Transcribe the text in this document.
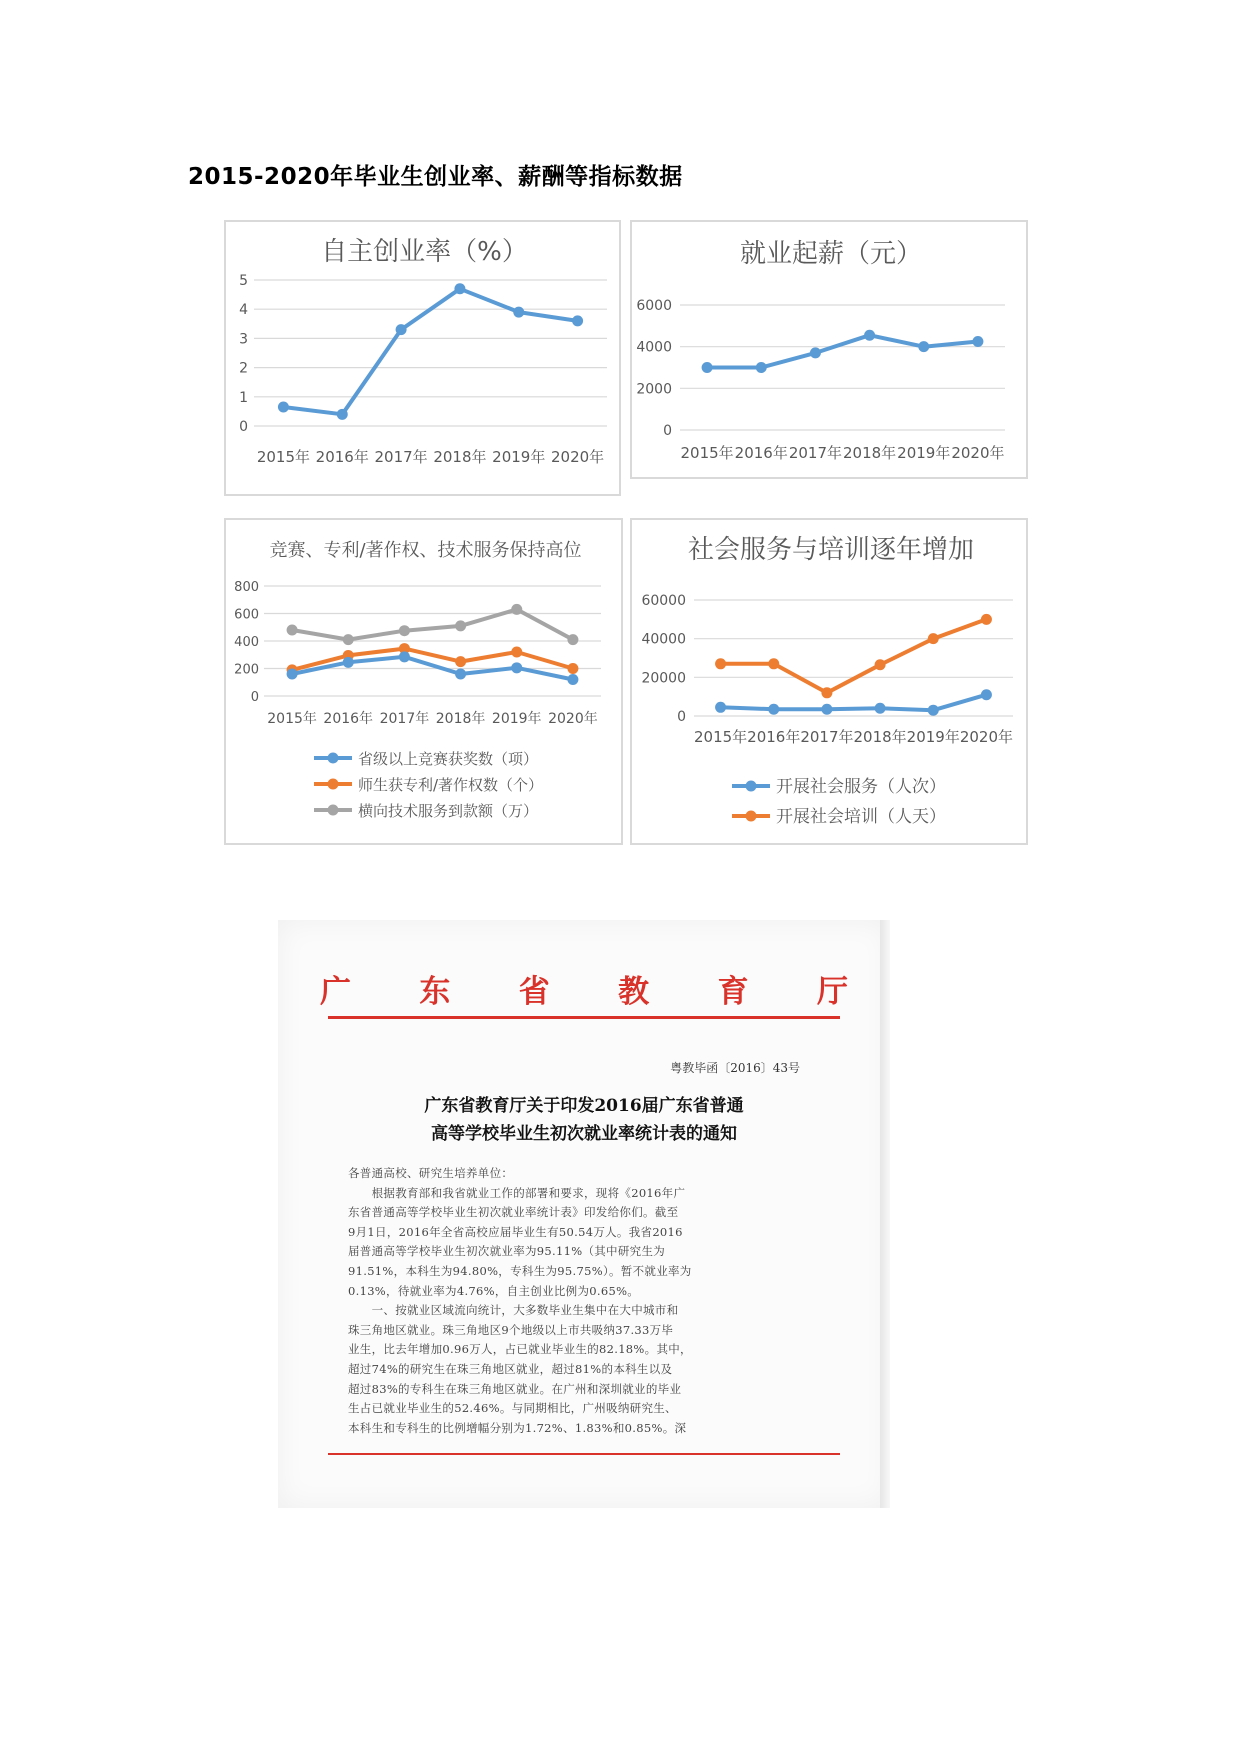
2015-2020年毕业生创业率、薪酬等指标数据
自主创业率（%）
0
1
2
3
4
5
2015年 2016年 2017年 2018年 2019年 2020年
就业起薪（元）
0
2000
4000
6000
2015年 2016年 2017年 2018年 2019年 2020年
竞赛、专利/著作权、技术服务保持高位
0
200
400
600
800
2015年 2016年 2017年 2018年 2019年 2020年
省级以上竞赛获奖数（项）
师生获专利/著作权数（个）
横向技术服务到款额（万）
社会服务与培训逐年增加
0
20000
40000
60000
2015年 2016年 2017年 2018年 2019年 2020年
开展社会服务（人次）
开展社会培训（人天）
广 东 省 教 育 厅
粤教毕函〔2016〕43号
广东省教育厅关于印发2016届广东省普通
高等学校毕业生初次就业率统计表的通知

各普通高校、研究生培养单位：

　　根据教育部和我省就业工作的部署和要求，现将《2016年广

东省普通高等学校毕业生初次就业率统计表》印发给你们。截至

9月1日，2016年全省高校应届毕业生有50.54万人。我省2016

届普通高等学校毕业生初次就业率为95.11%（其中研究生为

91.51%，本科生为94.80%，专科生为95.75%）。暂不就业率为

0.13%，待就业率为4.76%，自主创业比例为0.65%。

　　一、按就业区域流向统计，大多数毕业生集中在大中城市和

珠三角地区就业。珠三角地区9个地级以上市共吸纳37.33万毕

业生，比去年增加0.96万人，占已就业毕业生的82.18%。其中，

超过74%的研究生在珠三角地区就业，超过81%的本科生以及

超过83%的专科生在珠三角地区就业。在广州和深圳就业的毕业

生占已就业毕业生的52.46%。与同期相比，广州吸纳研究生、

本科生和专科生的比例增幅分别为1.72%、1.83%和0.85%。深
